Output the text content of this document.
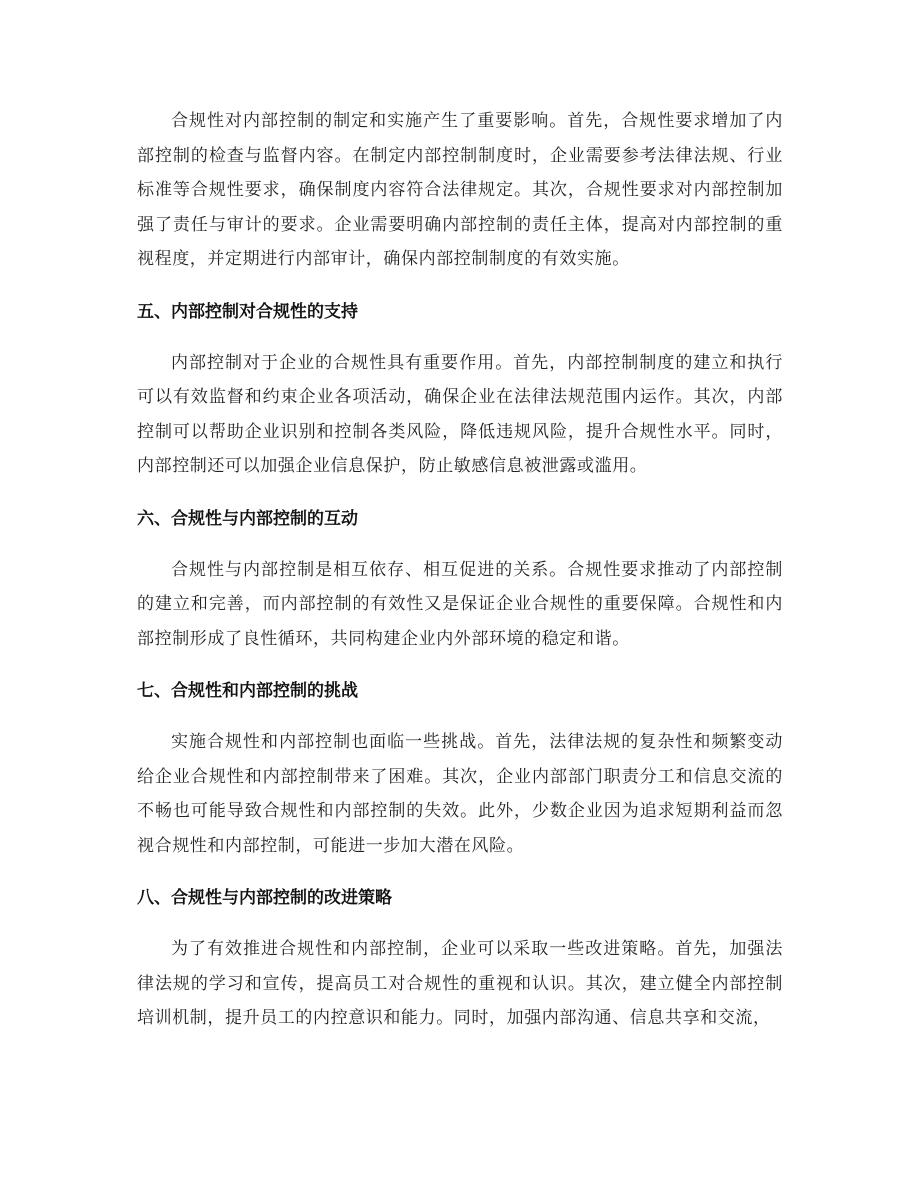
合规性对内部控制的制定和实施产生了重要影响。首先，合规性要求增加了内部控制的检查与监督内容。在制定内部控制制度时，企业需要参考法律法规、行业标准等合规性要求，确保制度内容符合法律规定。其次，合规性要求对内部控制加强了责任与审计的要求。企业需要明确内部控制的责任主体，提高对内部控制的重视程度，并定期进行内部审计，确保内部控制制度的有效实施。

五、内部控制对合规性的支持

内部控制对于企业的合规性具有重要作用。首先，内部控制制度的建立和执行可以有效监督和约束企业各项活动，确保企业在法律法规范围内运作。其次，内部控制可以帮助企业识别和控制各类风险，降低违规风险，提升合规性水平。同时，内部控制还可以加强企业信息保护，防止敏感信息被泄露或滥用。

六、合规性与内部控制的互动

合规性与内部控制是相互依存、相互促进的关系。合规性要求推动了内部控制的建立和完善，而内部控制的有效性又是保证企业合规性的重要保障。合规性和内部控制形成了良性循环，共同构建企业内外部环境的稳定和谐。

七、合规性和内部控制的挑战

实施合规性和内部控制也面临一些挑战。首先，法律法规的复杂性和频繁变动给企业合规性和内部控制带来了困难。其次，企业内部部门职责分工和信息交流的不畅也可能导致合规性和内部控制的失效。此外，少数企业因为追求短期利益而忽视合规性和内部控制，可能进一步加大潜在风险。

八、合规性与内部控制的改进策略

为了有效推进合规性和内部控制，企业可以采取一些改进策略。首先，加强法律法规的学习和宣传，提高员工对合规性的重视和认识。其次，建立健全内部控制培训机制，提升员工的内控意识和能力。同时，加强内部沟通、信息共享和交流，
